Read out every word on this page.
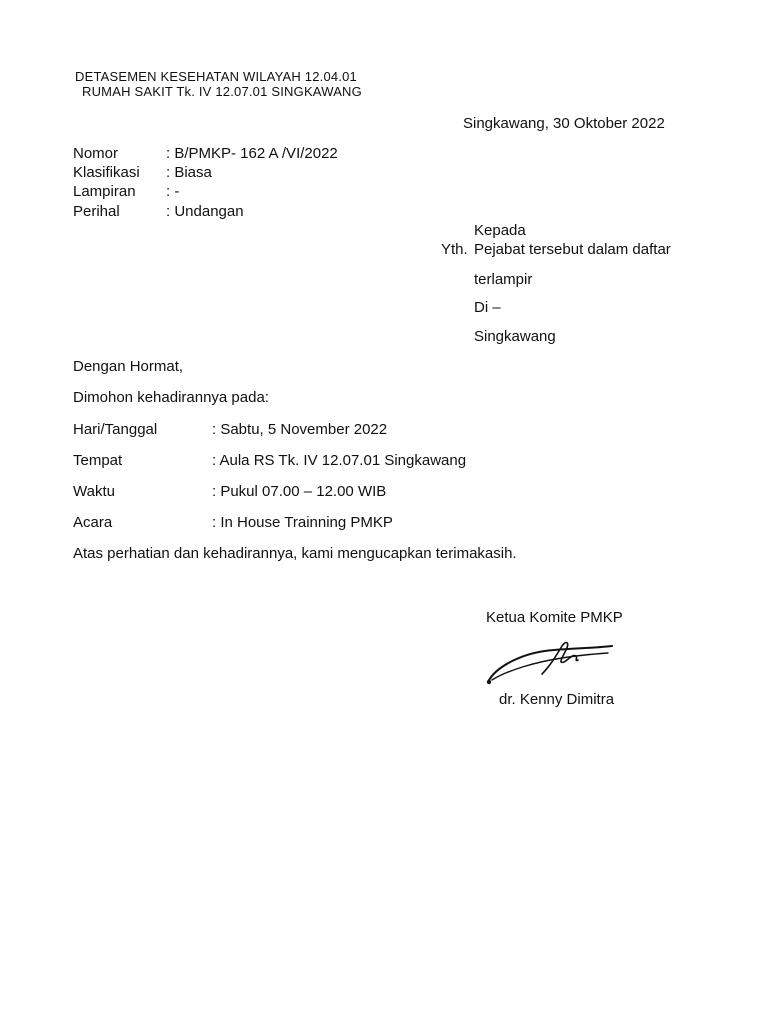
DETASEMEN KESEHATAN WILAYAH 12.04.01
RUMAH SAKIT Tk. IV 12.07.01 SINGKAWANG
Singkawang, 30 Oktober 2022
Nomor	: B/PMKP- 162 A /VI/2022
Klasifikasi : Biasa
Lampiran : -
Perihal	: Undangan
Kepada
Yth. Pejabat tersebut dalam daftar
terlampir
Di –
Singkawang
Dengan Hormat,
Dimohon kehadirannya pada:
Hari/Tanggal	: Sabtu, 5 November 2022
Tempat	: Aula RS Tk. IV 12.07.01 Singkawang
Waktu	: Pukul 07.00 – 12.00 WIB
Acara	: In House Trainning PMKP
Atas perhatian dan kehadirannya, kami mengucapkan terimakasih.
Ketua Komite PMKP
dr. Kenny Dimitra
